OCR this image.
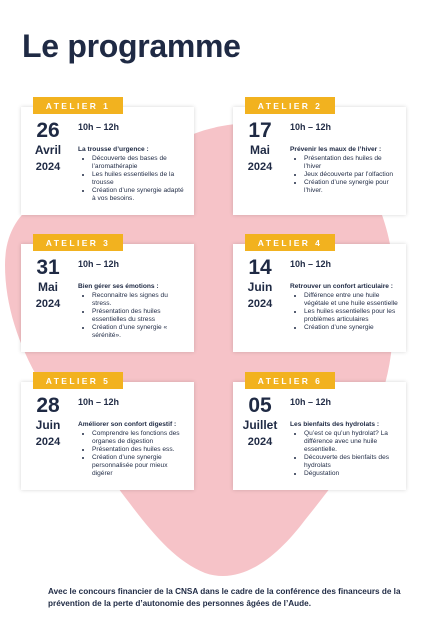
Le programme
ATELIER 1
26
Avril
2024
10h – 12h
La trousse d’urgence :
• Découverte des bases de l’aromathérapie
• Les huiles essentielles de la trousse
• Création d’une synergie adapté à vos besoins.
ATELIER 2
17
Mai
2024
10h – 12h
Prévenir les maux de l’hiver :
• Présentation des huiles de l’hiver
• Jeux découverte par l’olfaction
• Création d’une synergie pour l’hiver.
ATELIER 3
31
Mai
2024
10h – 12h
Bien gérer ses émotions :
• Reconnaitre les signes du stress.
• Présentation des huiles essentielles du stress
• Création d’une synergie « sérénité».
ATELIER 4
14
Juin
2024
10h – 12h
Retrouver un confort articulaire :
• Différence entre une huile végétale et une huile essentielle
• Les huiles essentielles pour les problèmes articulaires
• Création d’une synergie
ATELIER 5
28
Juin
2024
10h – 12h
Améliorer son confort digestif :
• Comprendre les fonctions des organes de digestion
• Présentation des huiles ess.
• Création d’une synergie personnalisée pour mieux digérer
ATELIER 6
05
Juillet
2024
10h – 12h
Les bienfaits des hydrolats :
• Qu’est ce qu’un hydrolat? La différence avec une huile essentielle.
• Découverte des bienfaits des hydrolats
• Dégustation

Avec le concours financier de la CNSA dans le cadre de la conférence des financeurs de la prévention de la perte d’autonomie des personnes âgées de l’Aude.
